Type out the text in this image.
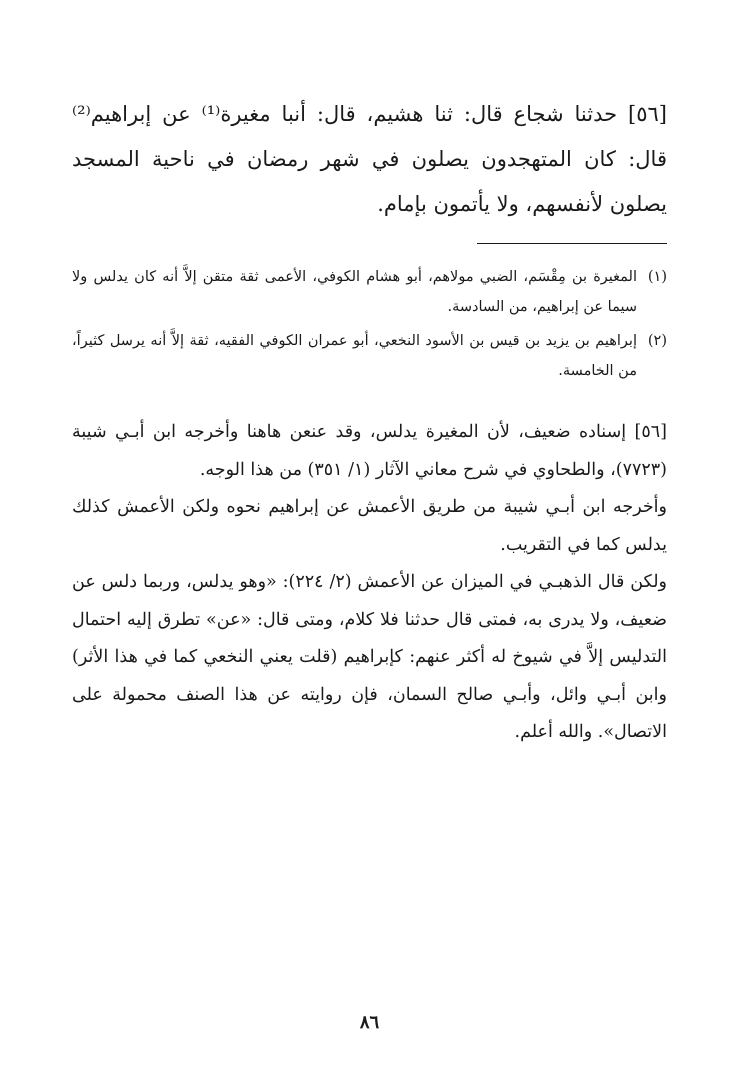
[٥٦] حدثنا شجاع قال: ثنا هشيم، قال: أنبا مغيرة⁽¹⁾ عن إبراهيم⁽²⁾ قال: كان المتهجدون يصلون في شهر رمضان في ناحية المسجد يصلون لأنفسهم، ولا يأتمون بإمام.

(١)
المغيرة بن مِقْسَم، الضبي مولاهم، أبو هشام الكوفي، الأعمى ثقة متقن إلاَّ أنه كان يدلس ولا سيما عن إبراهيم، من السادسة.
(٢)
إبراهيم بن يزيد بن قيس بن الأسود النخعي، أبو عمران الكوفي الفقيه، ثقة إلاَّ أنه يرسل كثيراً، من الخامسة.

[٥٦] إسناده ضعيف، لأن المغيرة يدلس، وقد عنعن هاهنا وأخرجه ابن أبـي شيبة (٧٧٢٣)، والطحاوي في شرح معاني الآثار (١/ ٣٥١) من هذا الوجه.

وأخرجه ابن أبـي شيبة من طريق الأعمش عن إبراهيم نحوه ولكن الأعمش كذلك يدلس كما في التقريب.

ولكن قال الذهبـي في الميزان عن الأعمش (٢/ ٢٢٤): «وهو يدلس، وربما دلس عن ضعيف، ولا يدرى به، فمتى قال حدثنا فلا كلام، ومتى قال: «عن» تطرق إليه احتمال التدليس إلاَّ في شيوخ له أكثر عنهم: كإبراهيم (قلت يعني النخعي كما في هذا الأثر) وابن أبـي وائل، وأبـي صالح السمان، فإن روايته عن هذا الصنف محمولة على الاتصال». والله أعلم.

٨٦
